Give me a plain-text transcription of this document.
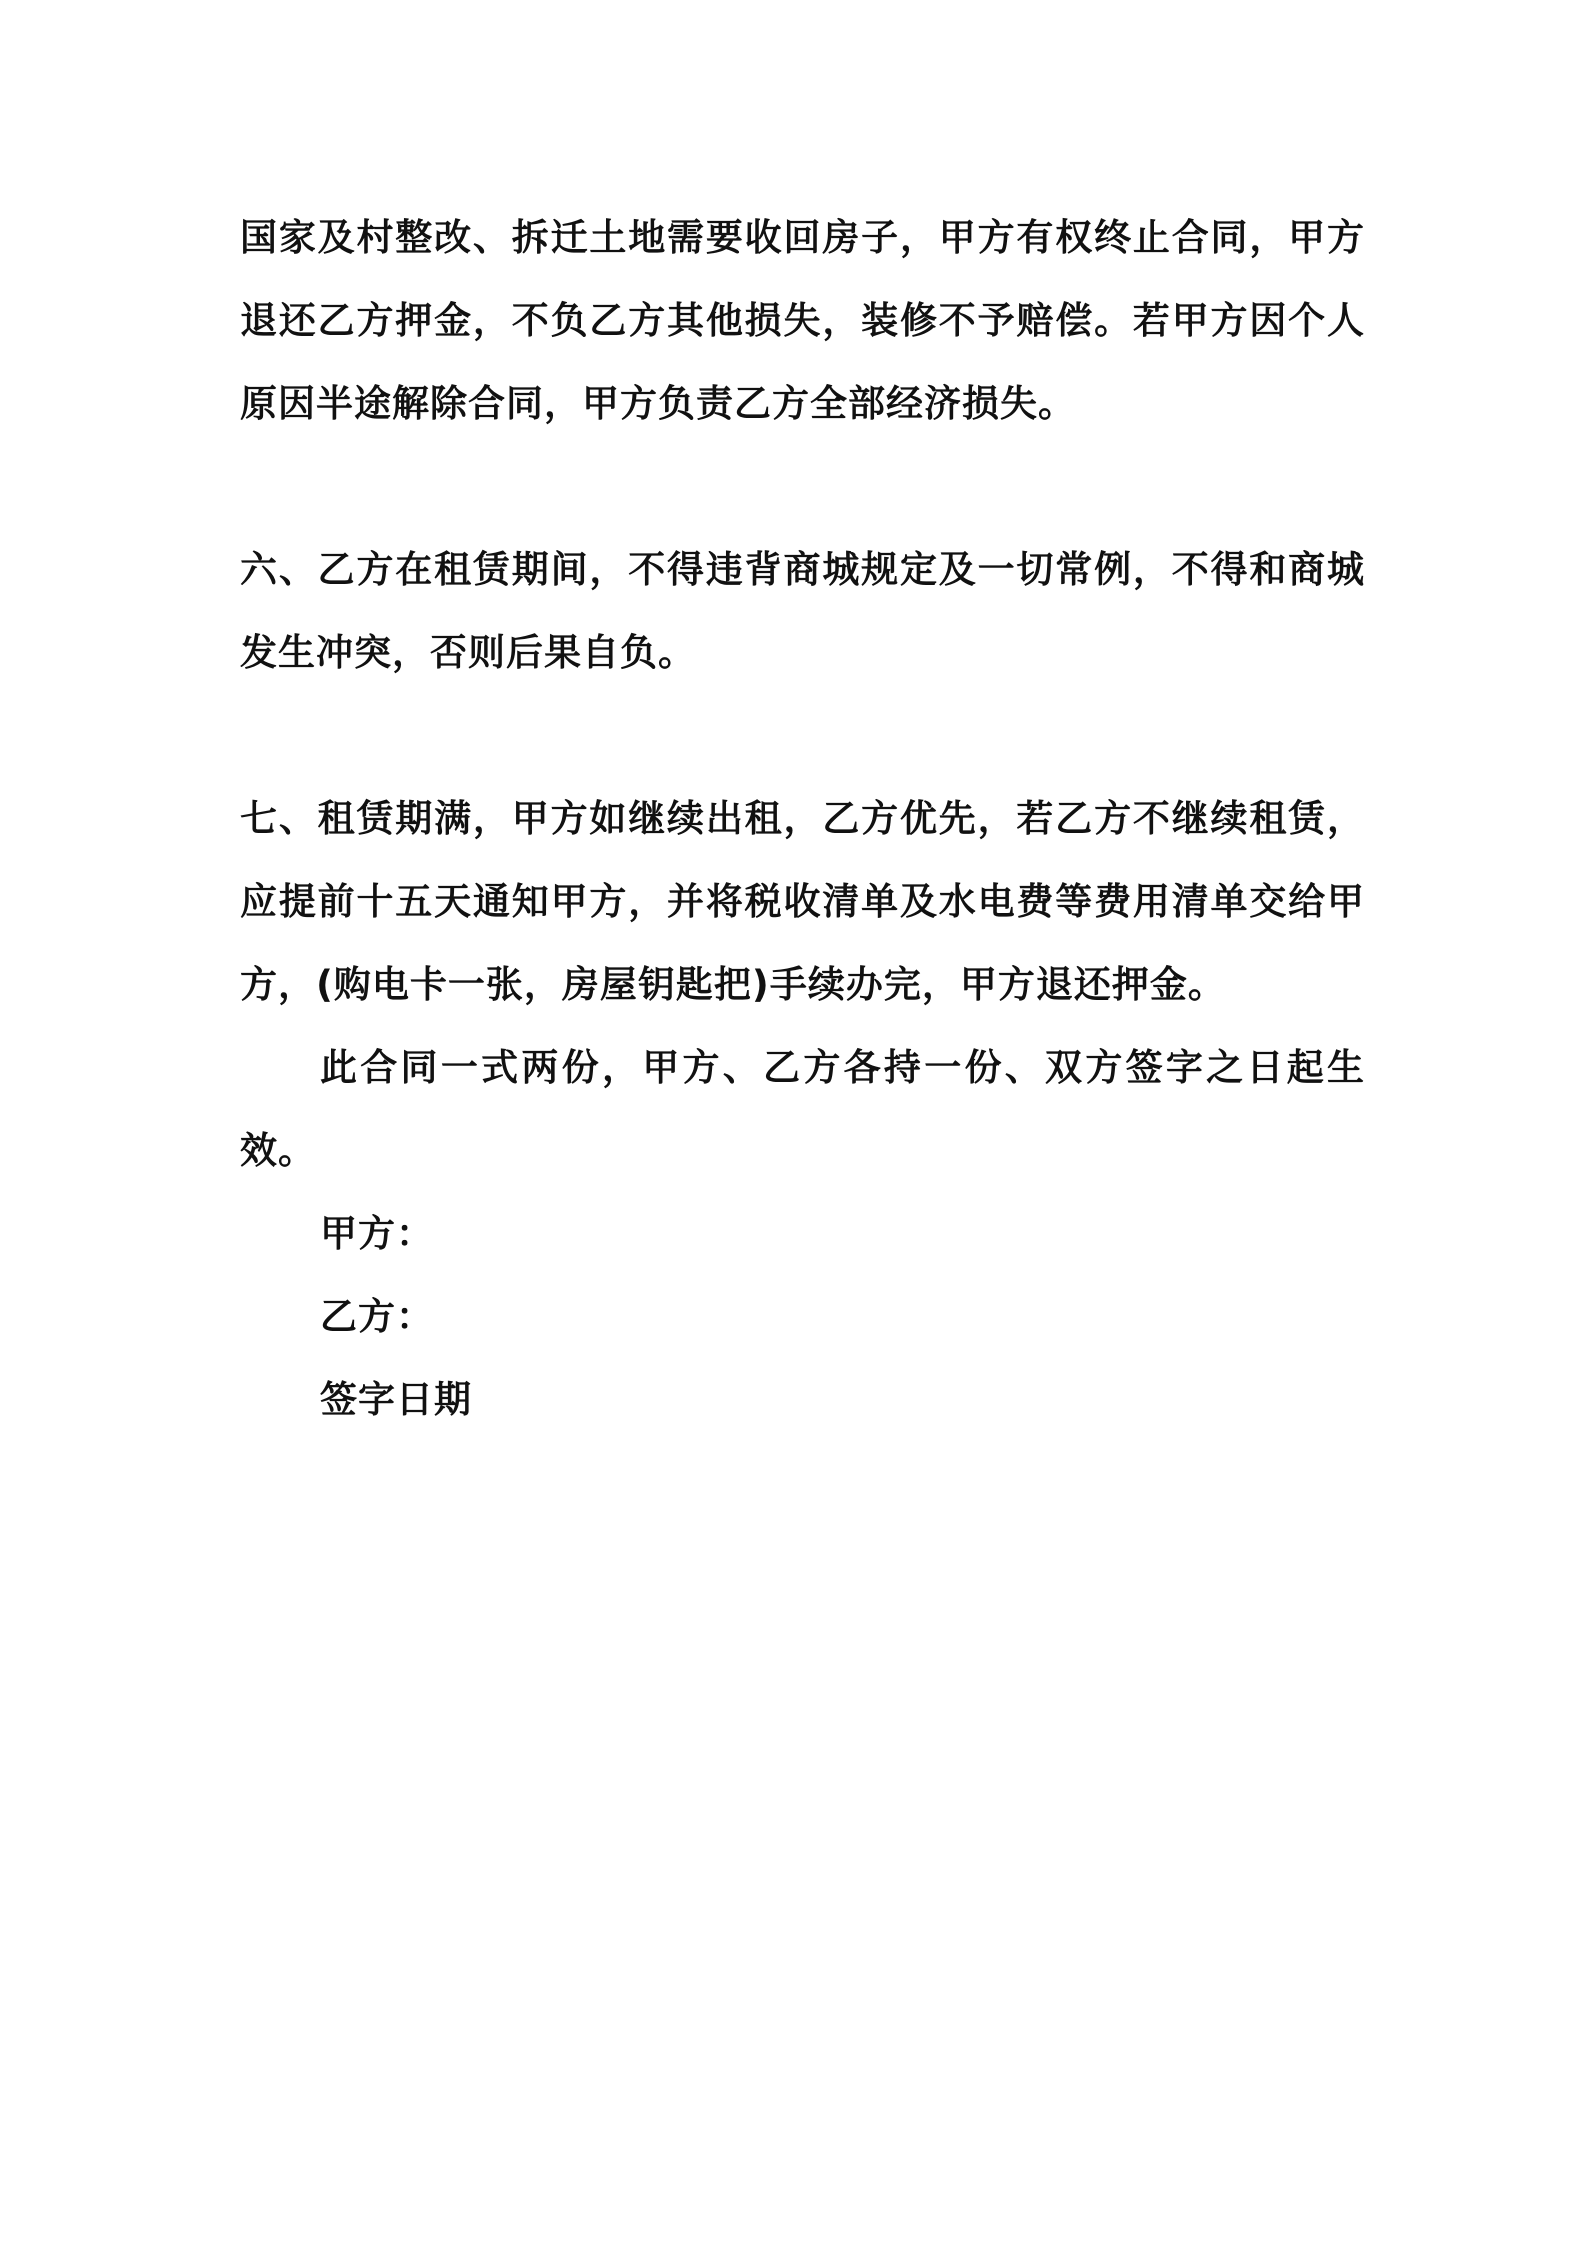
国家及村整改、拆迁土地需要收回房子，甲方有权终止合同，甲方退还乙方押金，不负乙方其他损失，装修不予赔偿。若甲方因个人原因半途解除合同，甲方负责乙方全部经济损失。

六、乙方在租赁期间，不得违背商城规定及一切常例，不得和商城发生冲突，否则后果自负。

七、租赁期满，甲方如继续出租，乙方优先，若乙方不继续租赁，应提前十五天通知甲方，并将税收清单及水电费等费用清单交给甲方，(购电卡一张，房屋钥匙把)手续办完，甲方退还押金。

此合同一式两份，甲方、乙方各持一份、双方签字之日起生效。

甲方：

乙方：

签字日期
